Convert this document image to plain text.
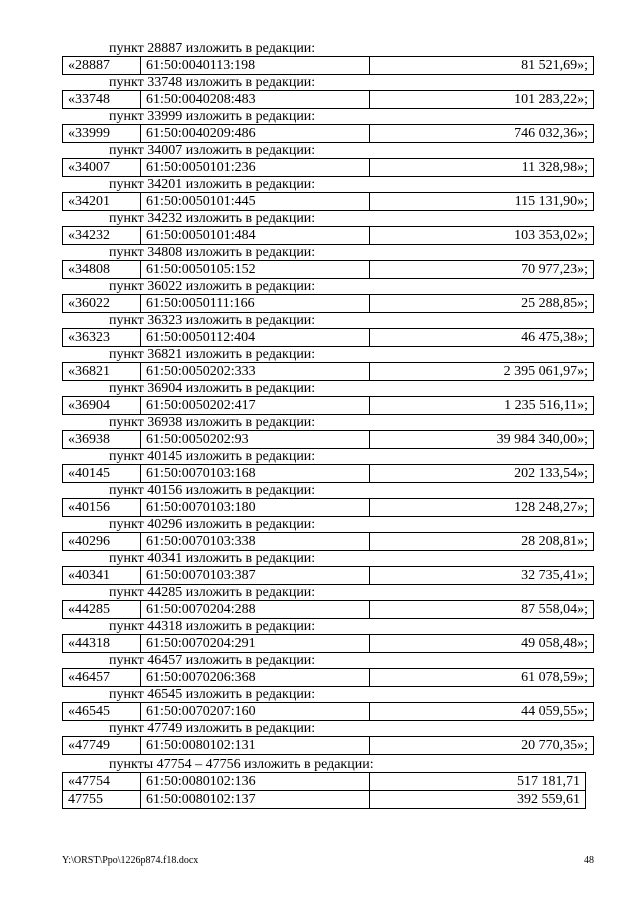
пункт 28887 изложить в редакции:
«28887	61:50:0040113:198	81 521,69»;
пункт 33748 изложить в редакции:
«33748	61:50:0040208:483	101 283,22»;
пункт 33999 изложить в редакции:
«33999	61:50:0040209:486	746 032,36»;
пункт 34007 изложить в редакции:
«34007	61:50:0050101:236	11 328,98»;
пункт 34201 изложить в редакции:
«34201	61:50:0050101:445	115 131,90»;
пункт 34232 изложить в редакции:
«34232	61:50:0050101:484	103 353,02»;
пункт 34808 изложить в редакции:
«34808	61:50:0050105:152	70 977,23»;
пункт 36022 изложить в редакции:
«36022	61:50:0050111:166	25 288,85»;
пункт 36323 изложить в редакции:
«36323	61:50:0050112:404	46 475,38»;
пункт 36821 изложить в редакции:
«36821	61:50:0050202:333	2 395 061,97»;
пункт 36904 изложить в редакции:
«36904	61:50:0050202:417	1 235 516,11»;
пункт 36938 изложить в редакции:
«36938	61:50:0050202:93	39 984 340,00»;
пункт 40145 изложить в редакции:
«40145	61:50:0070103:168	202 133,54»;
пункт 40156 изложить в редакции:
«40156	61:50:0070103:180	128 248,27»;
пункт 40296 изложить в редакции:
«40296	61:50:0070103:338	28 208,81»;
пункт 40341 изложить в редакции:
«40341	61:50:0070103:387	32 735,41»;
пункт 44285 изложить в редакции:
«44285	61:50:0070204:288	87 558,04»;
пункт 44318 изложить в редакции:
«44318	61:50:0070204:291	49 058,48»;
пункт 46457 изложить в редакции:
«46457	61:50:0070206:368	61 078,59»;
пункт 46545 изложить в редакции:
«46545	61:50:0070207:160	44 059,55»;
пункт 47749 изложить в редакции:
«47749	61:50:0080102:131	20 770,35»;
пункты 47754 – 47756 изложить в редакции:
«47754	61:50:0080102:136	517 181,71
47755	61:50:0080102:137	392 559,61
Y:\ORST\Ppo\1226p874.f18.docx	48
